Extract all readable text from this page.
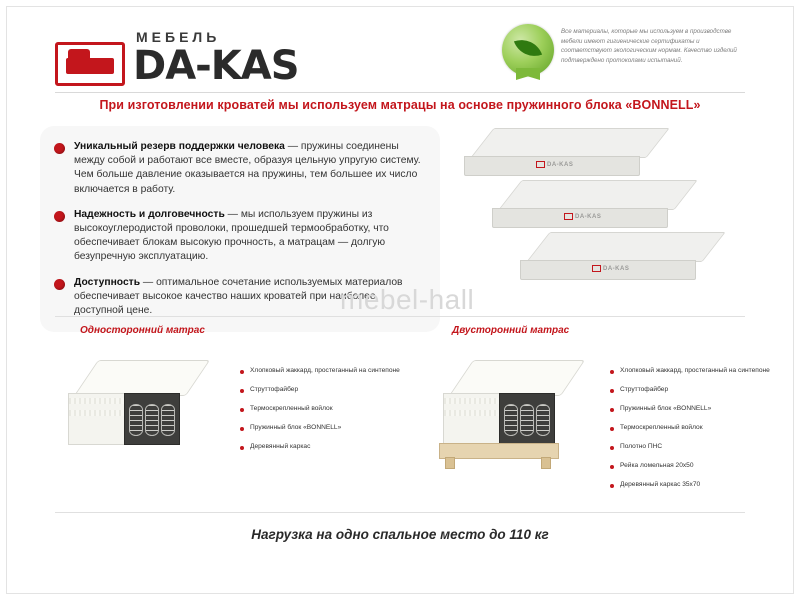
МЕБЕЛЬ
DA-KAS
Все материалы, которые мы используем в производстве мебели имеют гигиенические сертификаты и соответствуют экологическим нормам. Качество изделий подтверждено протоколами испытаний.
При изготовлении кроватей мы используем матрацы на основе пружинного блока «BONNELL»
Уникальный резерв поддержки человека — пружины соединены между собой и работают все вместе, образуя цельную упругую систему. Чем больше давление оказывается на пружины, тем большее их число включается в работу.
Надежность и долговечность — мы используем пружины из высокоуглеродистой проволоки, прошедшей термообработку, что обеспечивает блокам высокую прочность, а матрацам — долгую безупречную эксплуатацию.
Доступность — оптимальное сочетание используемых материалов обеспечивает высокое качество наших кроватей при наиболее доступной цене.
DA-KAS
DA-KAS
DA-KAS
mebel-hall
Односторонний матрас	Двусторонний матрас
Хлопковый жаккард, простеганный на синтепоне
Струттофайбер
Термоскрепленный войлок
Пружинный блок «BONNELL»
Деревянный каркас
Хлопковый жаккард, простеганный на синтепоне
Струттофайбер
Пружинный блок «BONNELL»
Термоскрепленный войлок
Полотно ПНС
Рейка ломельная 20х50
Деревянный каркас 35х70
Нагрузка на одно спальное место до 110 кг
